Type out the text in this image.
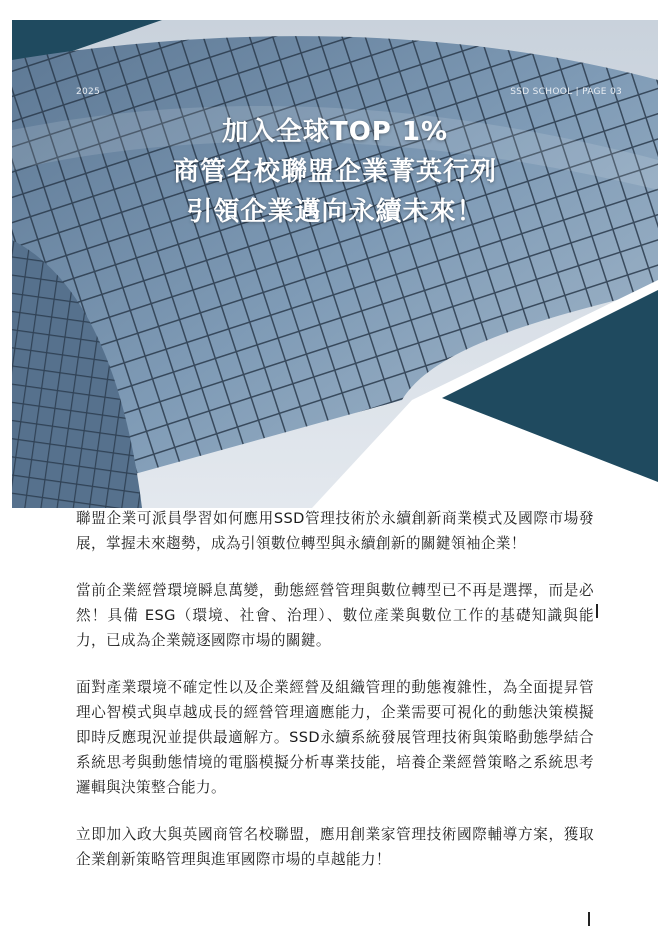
2025	SSD SCHOOL | PAGE 03
加入全球TOP 1%
商管名校聯盟企業菁英行列
引領企業邁向永續未來！

聯盟企業可派員學習如何應用SSD管理技術於永續創新商業模式及國際市場發展，掌握未來趨勢，成為引領數位轉型與永續創新的關鍵領袖企業！

當前企業經營環境瞬息萬變，動態經營管理與數位轉型已不再是選擇，而是必然！具備 ESG（環境、社會、治理）、數位產業與數位工作的基礎知識與能力，已成為企業競逐國際市場的關鍵。

面對產業環境不確定性以及企業經營及組織管理的動態複雜性，為全面提昇管理心智模式與卓越成長的經營管理適應能力，企業需要可視化的動態決策模擬即時反應現況並提供最適解方。SSD永續系統發展管理技術與策略動態學結合系統思考與動態情境的電腦模擬分析專業技能，培養企業經營策略之系統思考邏輯與決策整合能力。

立即加入政大與英國商管名校聯盟，應用創業家管理技術國際輔導方案，獲取企業創新策略管理與進軍國際市場的卓越能力！
